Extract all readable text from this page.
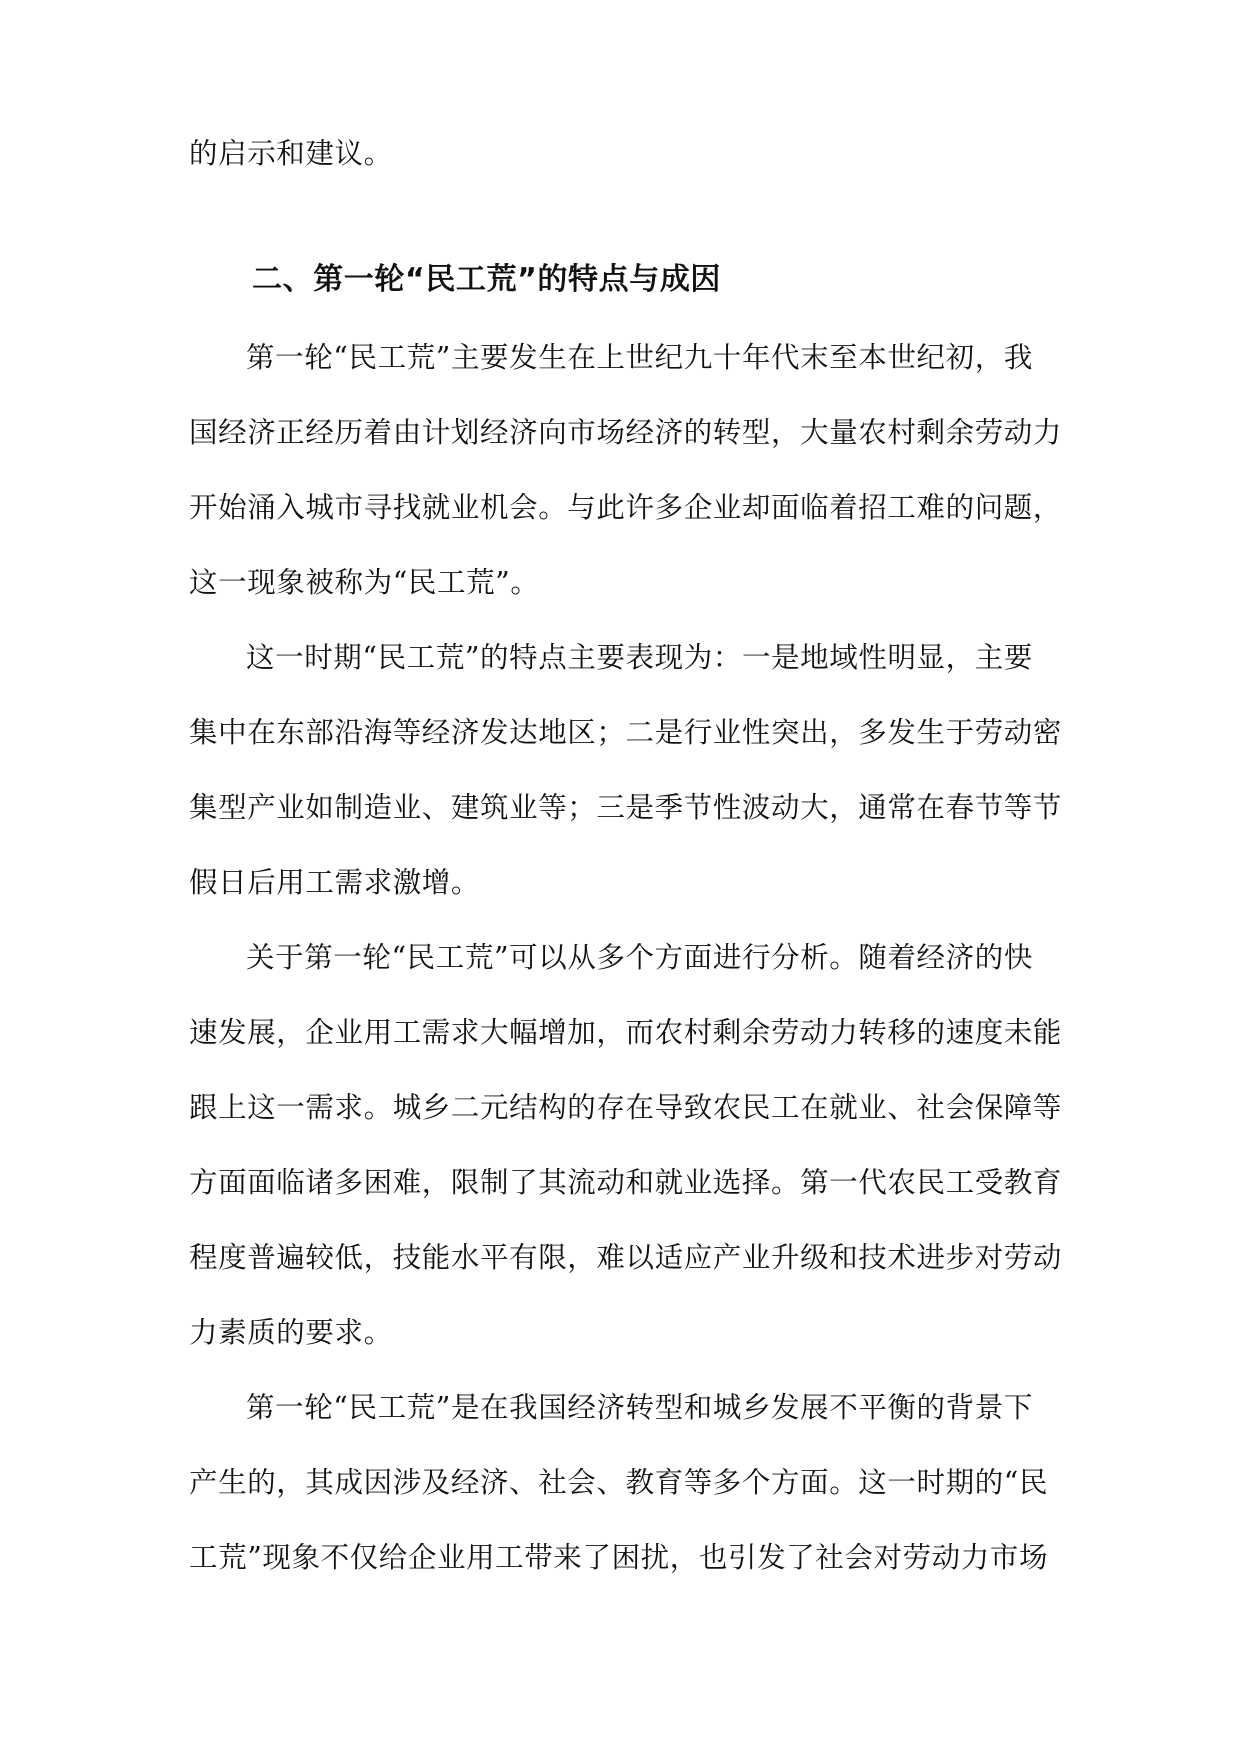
的启示和建议。
二、第一轮“民工荒”的特点与成因
第一轮“民工荒”主要发生在上世纪九十年代末至本世纪初，我
国经济正经历着由计划经济向市场经济的转型，大量农村剩余劳动力
开始涌入城市寻找就业机会。与此许多企业却面临着招工难的问题，
这一现象被称为“民工荒”。
这一时期“民工荒”的特点主要表现为：一是地域性明显，主要
集中在东部沿海等经济发达地区；二是行业性突出，多发生于劳动密
集型产业如制造业、建筑业等；三是季节性波动大，通常在春节等节
假日后用工需求激增。
关于第一轮“民工荒”可以从多个方面进行分析。随着经济的快
速发展，企业用工需求大幅增加，而农村剩余劳动力转移的速度未能
跟上这一需求。城乡二元结构的存在导致农民工在就业、社会保障等
方面面临诸多困难，限制了其流动和就业选择。第一代农民工受教育
程度普遍较低，技能水平有限，难以适应产业升级和技术进步对劳动
力素质的要求。
第一轮“民工荒”是在我国经济转型和城乡发展不平衡的背景下
产生的，其成因涉及经济、社会、教育等多个方面。这一时期的“民
工荒”现象不仅给企业用工带来了困扰，也引发了社会对劳动力市场
